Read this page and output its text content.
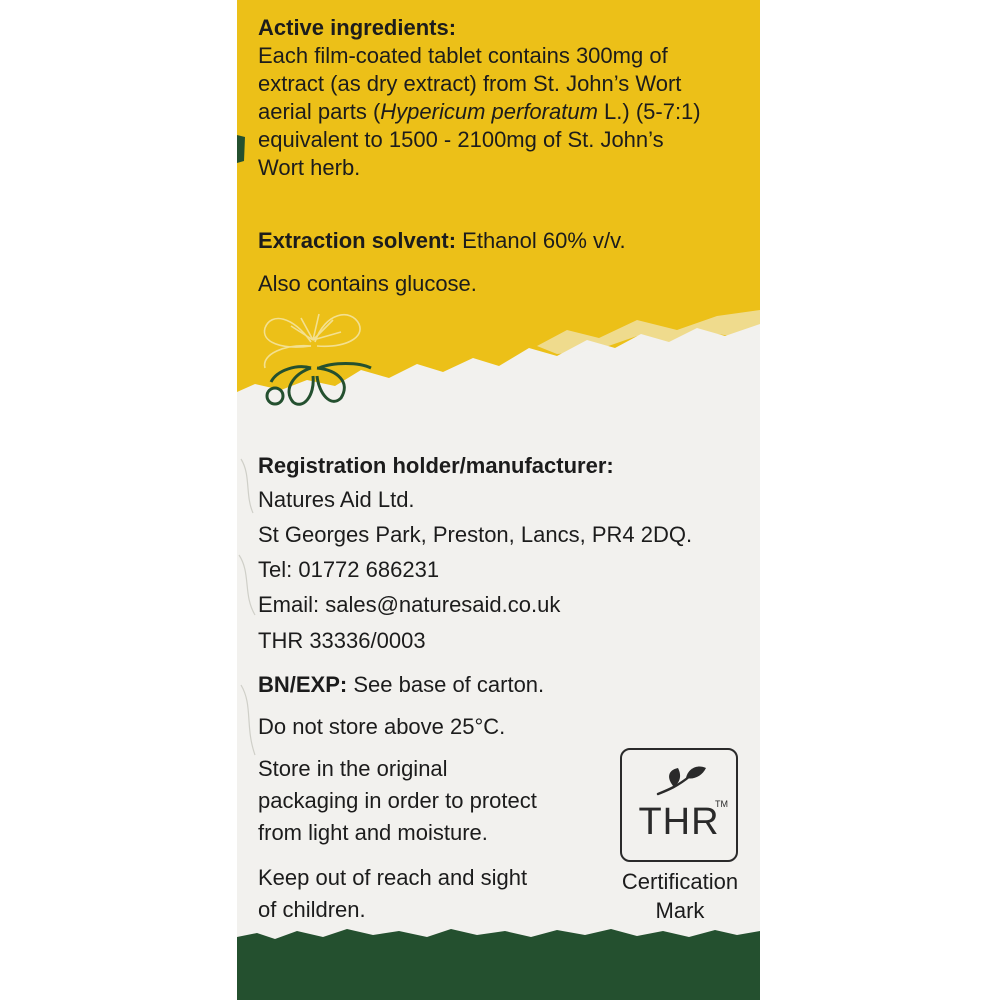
Active ingredients:
Each film-coated tablet contains 300mg of
extract (as dry extract) from St. John’s Wort
aerial parts (Hypericum perforatum L.) (5-7:1)
equivalent to 1500 - 2100mg of St. John’s
Wort herb.
Extraction solvent: Ethanol 60% v/v.
Also contains glucose.
Registration holder/manufacturer:
Natures Aid Ltd.
St Georges Park, Preston, Lancs, PR4 2DQ.
Tel: 01772 686231
Email: sales@naturesaid.co.uk
THR 33336/0003
BN/EXP: See base of carton.
Do not store above 25°C.
Store in the original
packaging in order to protect
from light and moisture.
Keep out of reach and sight
of children.
THR
TM
Certification
Mark
